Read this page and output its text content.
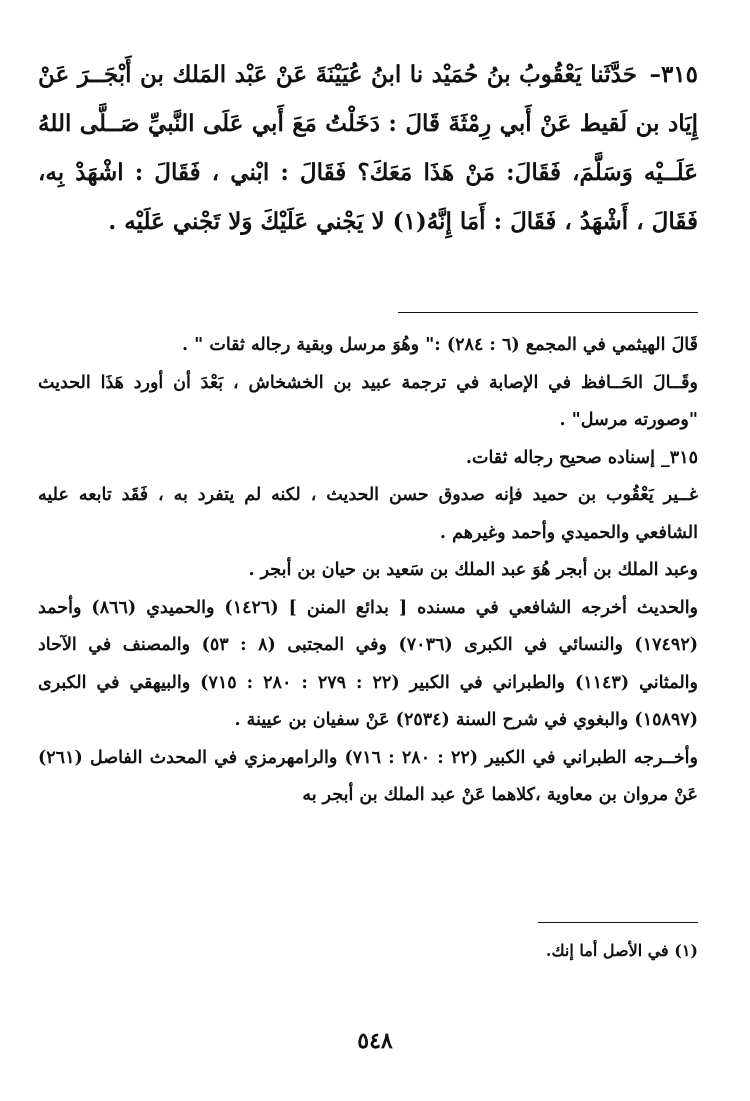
٣١٥– حَدَّثَنا يَعْقُوبُ بنُ حُمَيْد نا ابنُ عُيَيْنَةَ عَنْ عَبْد المَلك بن أَبْجَــرَ عَنْ إِيَاد بن لَقيط عَنْ أَبي رِمْثَةَ قَالَ : دَخَلْتُ مَعَ أَبي عَلَى النَّبيِّ صَــلَّى اللهُ عَلَــيْه وَسَلَّمَ، فَقَالَ: مَنْ هَذَا مَعَكَ؟ فَقَالَ : ابْني ، فَقَالَ : اشْهَدْ بِه، فَقَالَ ، أَشْهَدُ ، فَقَالَ : أَمَا إِنَّهُ(١) لا يَجْني عَلَيْكَ وَلا تَجْني عَلَيْه .

قَالَ الهيثمي في المجمع (٦ : ٢٨٤) :" وهُوَ مرسل وبقية رجاله ثقات " .

وقَــالَ الحَــافظ في الإصابة في ترجمة عبيد بن الخشخاش ، بَعْدَ أن أورد هَذَا الحديث "وصورته مرسل" .

٣١٥_ إسناده صحيح رجاله ثقات.

غــير يَعْقُوب بن حميد فإنه صدوق حسن الحديث ، لكنه لم يتفرد به ، فَقَد تابعه عليه الشافعي والحميدي وأحمد وغيرهم .

وعبد الملك بن أبجر هُوَ عبد الملك بن سَعيد بن حيان بن أبجر .

والحديث أخرجه الشافعي في مسنده [ بدائع المنن ] (١٤٢٦) والحميدي (٨٦٦) وأحمد (١٧٤٩٢) والنسائي في الكبرى (٧٠٣٦) وفي المجتبى (٨ : ٥٣) والمصنف في الآحاد والمثاني (١١٤٣) والطبراني في الكبير (٢٢ : ٢٧٩ : ٢٨٠ : ٧١٥) والبيهقي في الكبرى (١٥٨٩٧) والبغوي في شرح السنة (٢٥٣٤) عَنْ سفيان بن عيينة .

وأخــرجه الطبراني في الكبير (٢٢ : ٢٨٠ : ٧١٦) والرامهرمزي في المحدث الفاصل (٢٦١) عَنْ مروان بن معاوية ،كلاهما عَنْ عبد الملك بن أبجر به

(١) في الأصل أما إنك.
٥٤٨
